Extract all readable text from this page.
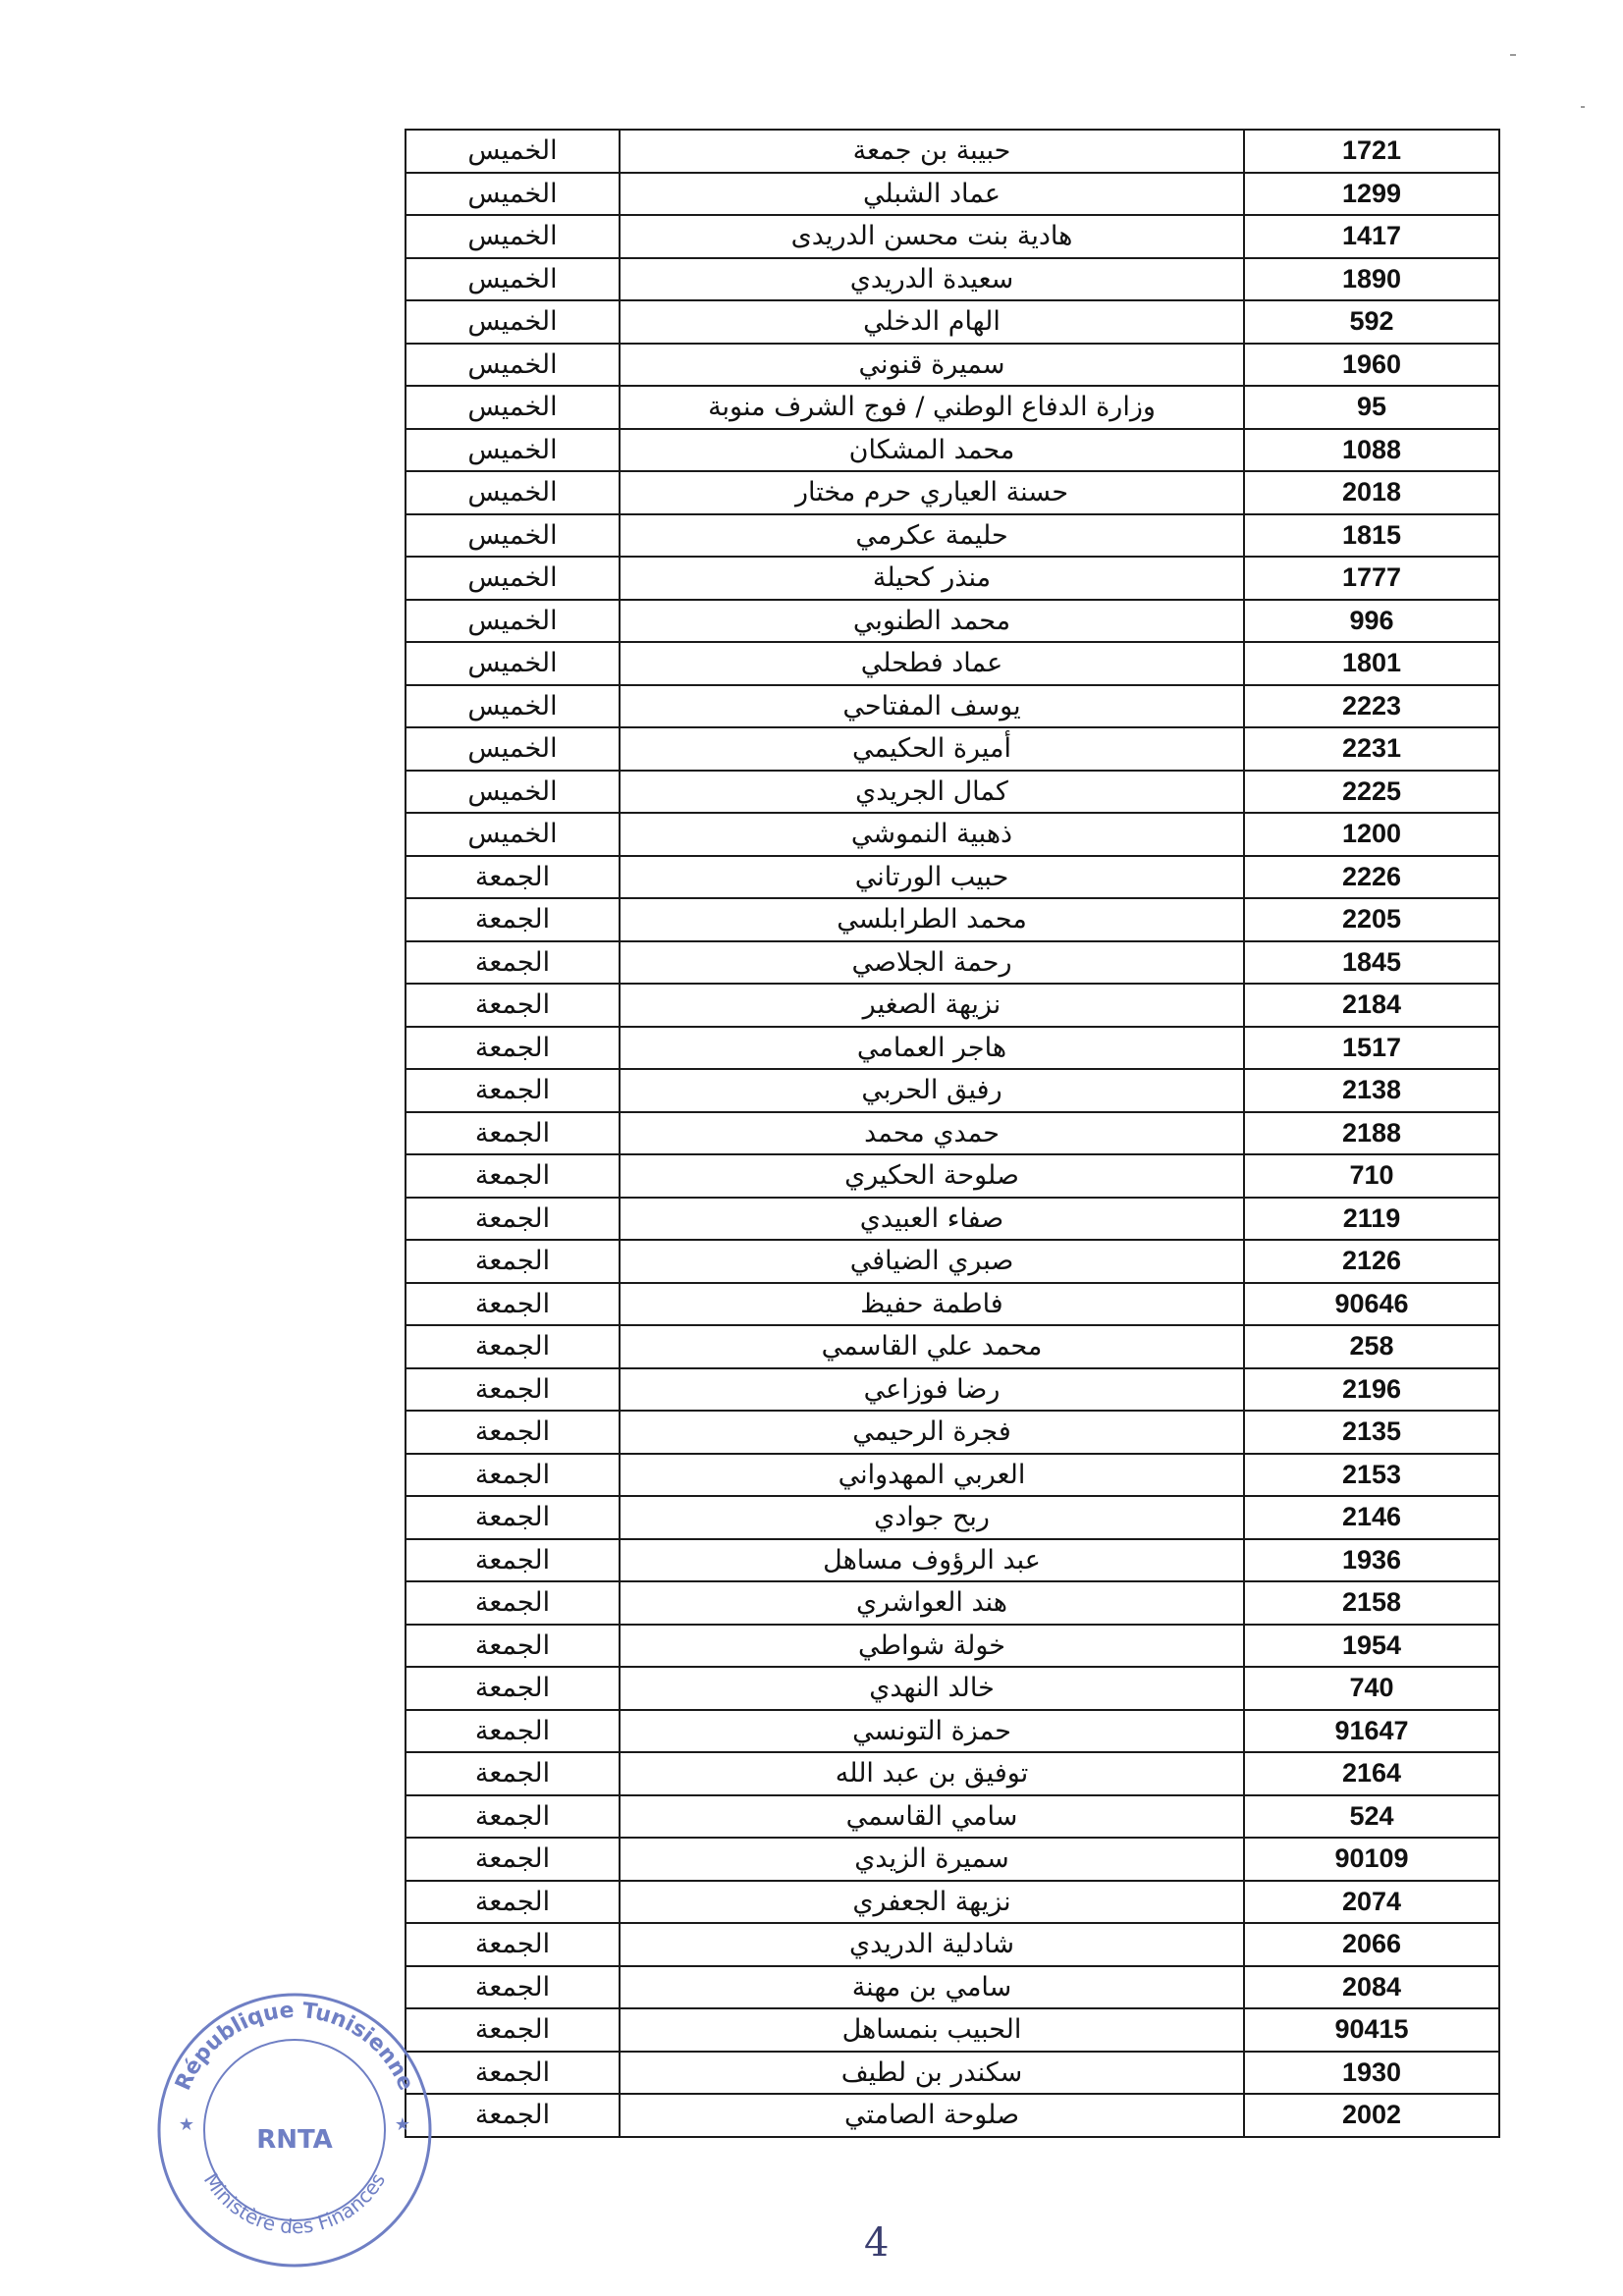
الخميس	حبيبة بن جمعة	1721
الخميس	عماد الشبلي	1299
الخميس	هادية بنت محسن الدريدى	1417
الخميس	سعيدة الدريدي	1890
الخميس	الهام الدخلي	592
الخميس	سميرة قنوني	1960
الخميس	وزارة الدفاع الوطني / فوج الشرف منوبة	95
الخميس	محمد المشكان	1088
الخميس	حسنة العياري حرم مختار	2018
الخميس	حليمة عكرمي	1815
الخميس	منذر كحيلة	1777
الخميس	محمد الطنوبي	996
الخميس	عماد فطحلي	1801
الخميس	يوسف المفتاحي	2223
الخميس	أميرة الحكيمي	2231
الخميس	كمال الجريدي	2225
الخميس	ذهبية النموشي	1200
الجمعة	حبيب الورتاني	2226
الجمعة	محمد الطرابلسي	2205
الجمعة	رحمة الجلاصي	1845
الجمعة	نزيهة الصغير	2184
الجمعة	هاجر العمامي	1517
الجمعة	رفيق الحربي	2138
الجمعة	حمدي محمد	2188
الجمعة	صلوحة الحكيري	710
الجمعة	صفاء العبيدي	2119
الجمعة	صبري الضيافي	2126
الجمعة	فاطمة حفيظ	90646
الجمعة	محمد علي القاسمي	258
الجمعة	رضا فوزاعي	2196
الجمعة	فجرة الرحيمي	2135
الجمعة	العربي المهدواني	2153
الجمعة	ربح جوادي	2146
الجمعة	عبد الرؤوف مساهل	1936
الجمعة	هند العواشري	2158
الجمعة	خولة شواطي	1954
الجمعة	خالد النهدي	740
الجمعة	حمزة التونسي	91647
الجمعة	توفيق بن عبد الله	2164
الجمعة	سامي القاسمي	524
الجمعة	سميرة الزيدي	90109
الجمعة	نزيهة الجعفري	2074
الجمعة	شادلية الدريدي	2066
الجمعة	سامي بن مهنة	2084
الجمعة	الحبيب بنمساهل	90415
الجمعة	سكندر بن لطيف	1930
الجمعة	صلوحة الصامتي	2002
4
République Tunisienne
Ministère des Finances
RNTA
★	★
